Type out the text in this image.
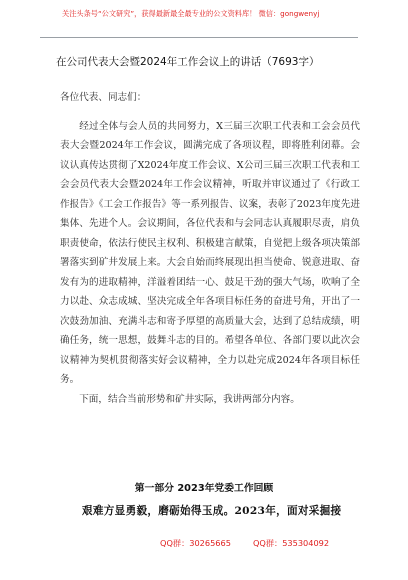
关注头条号“公文研究”，获得最新最全最专业的公文资料库！ 微信：gongwenyj
在公司代表大会暨2024年工作会议上的讲话（7693字）

各位代表、同志们：

经过全体与会人员的共同努力，X三届三次职工代表和工会会员代表大会暨2024年工作会议，圆满完成了各项议程，即将胜利闭幕。会议认真传达贯彻了X2024年度工作会议、X公司三届三次职工代表和工会会员代表大会暨2024年工作会议精神，听取并审议通过了《行政工作报告》《工会工作报告》等一系列报告、议案，表彰了2023年度先进集体、先进个人。会议期间，各位代表和与会同志认真履职尽责，肩负职责使命，依法行使民主权利、积极建言献策，自觉把上级各项决策部署落实到矿井发展上来。大会自始而终展现出担当使命、锐意进取、奋发有为的进取精神，洋溢着团结一心、鼓足干劲的强大气场，吹响了全力以赴、众志成城、坚决完成全年各项目标任务的奋进号角，开出了一次鼓劲加油、充满斗志和寄予厚望的高质量大会，达到了总结成绩，明确任务，统一思想，鼓舞斗志的目的。希望各单位、各部门要以此次会议精神为契机贯彻落实好会议精神，全力以赴完成2024年各项目标任务。

下面，结合当前形势和矿井实际，我讲两部分内容。

第一部分 2023年党委工作回顾
艰难方显勇毅，磨砺始得玉成。2023年，面对采掘接
QQ群：30265665	QQ群：535304092
